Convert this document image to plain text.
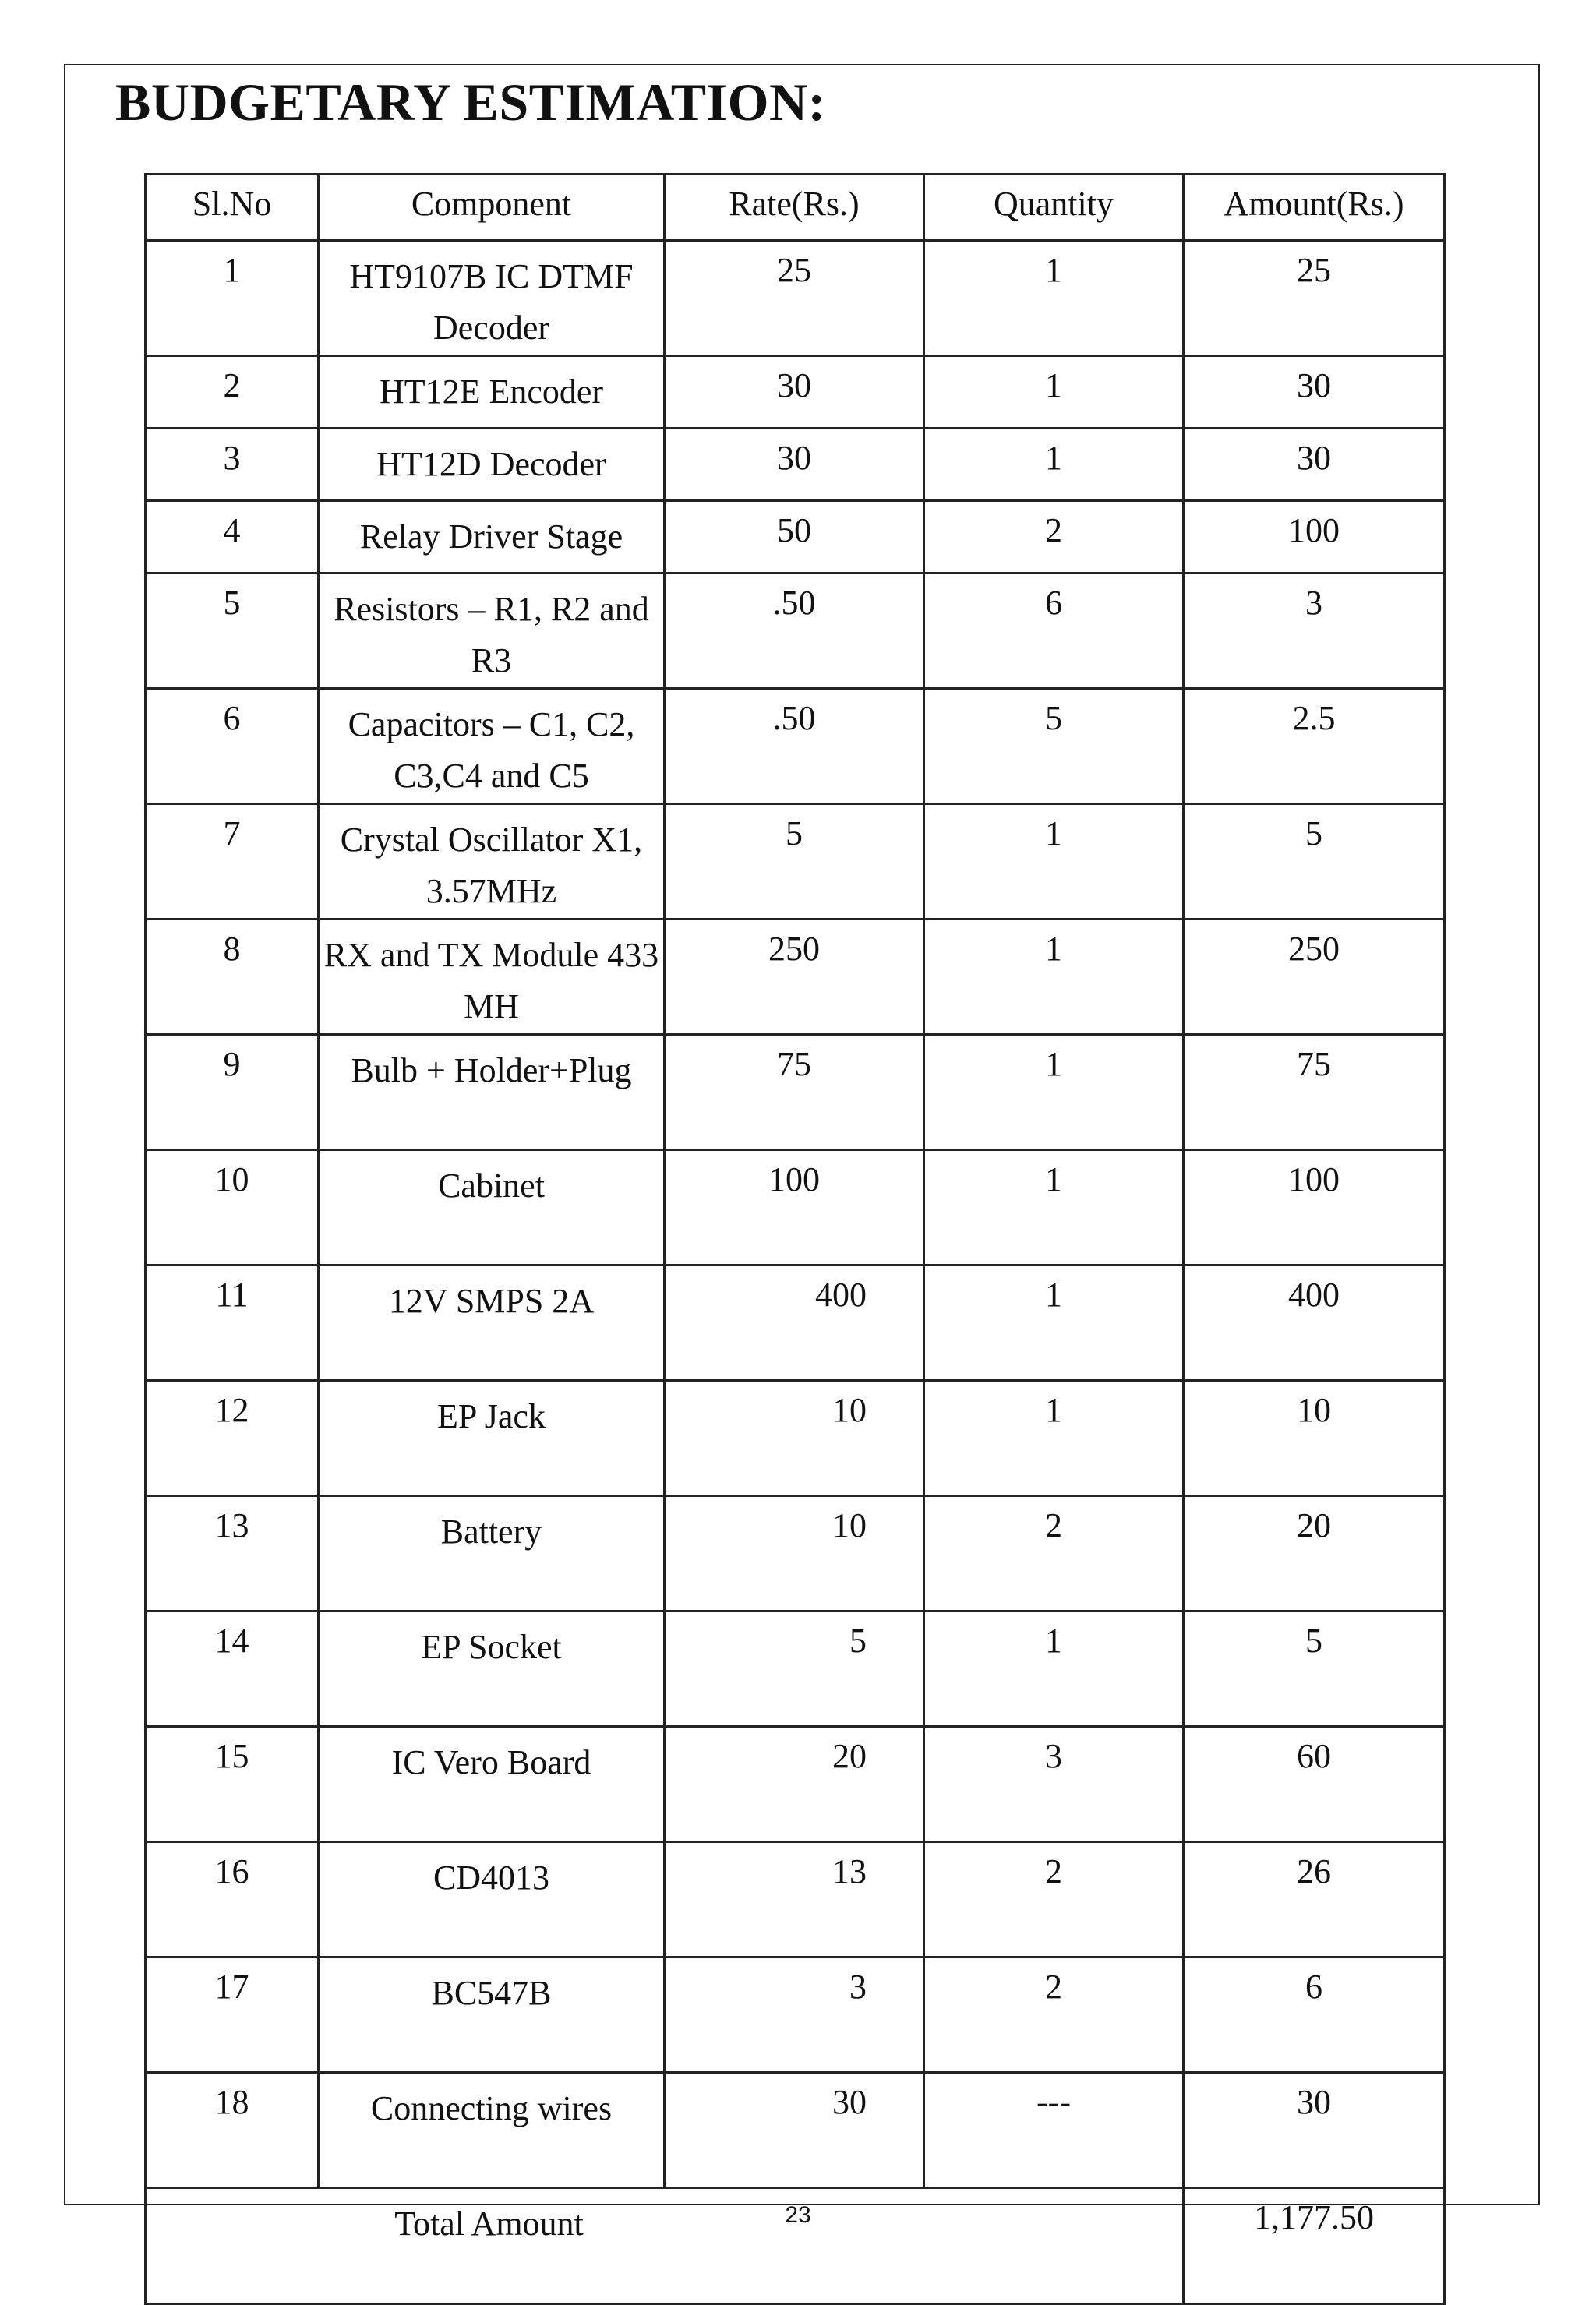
BUDGETARY ESTIMATION:
Sl.No	Component	Rate(Rs.)	Quantity	Amount(Rs.)
1	HT9107B IC DTMF Decoder	25	1	25
2	HT12E Encoder	30	1	30
3	HT12D Decoder	30	1	30
4	Relay Driver Stage	50	2	100
5	Resistors – R1, R2 and R3	.50	6	3
6	Capacitors – C1, C2, C3,C4 and C5	.50	5	2.5
7	Crystal Oscillator X1, 3.57MHz	5	1	5
8	RX and TX Module 433 MH	250	1	250
9	Bulb + Holder+Plug	75	1	75
10	Cabinet	100	1	100
11	12V SMPS 2A	400	1	400
12	EP Jack	10	1	10
13	Battery	10	2	20
14	EP Socket	5	1	5
15	IC Vero Board	20	3	60
16	CD4013	13	2	26
17	BC547B	3	2	6
18	Connecting wires	30	---	30
Total Amount				1,177.50
23
